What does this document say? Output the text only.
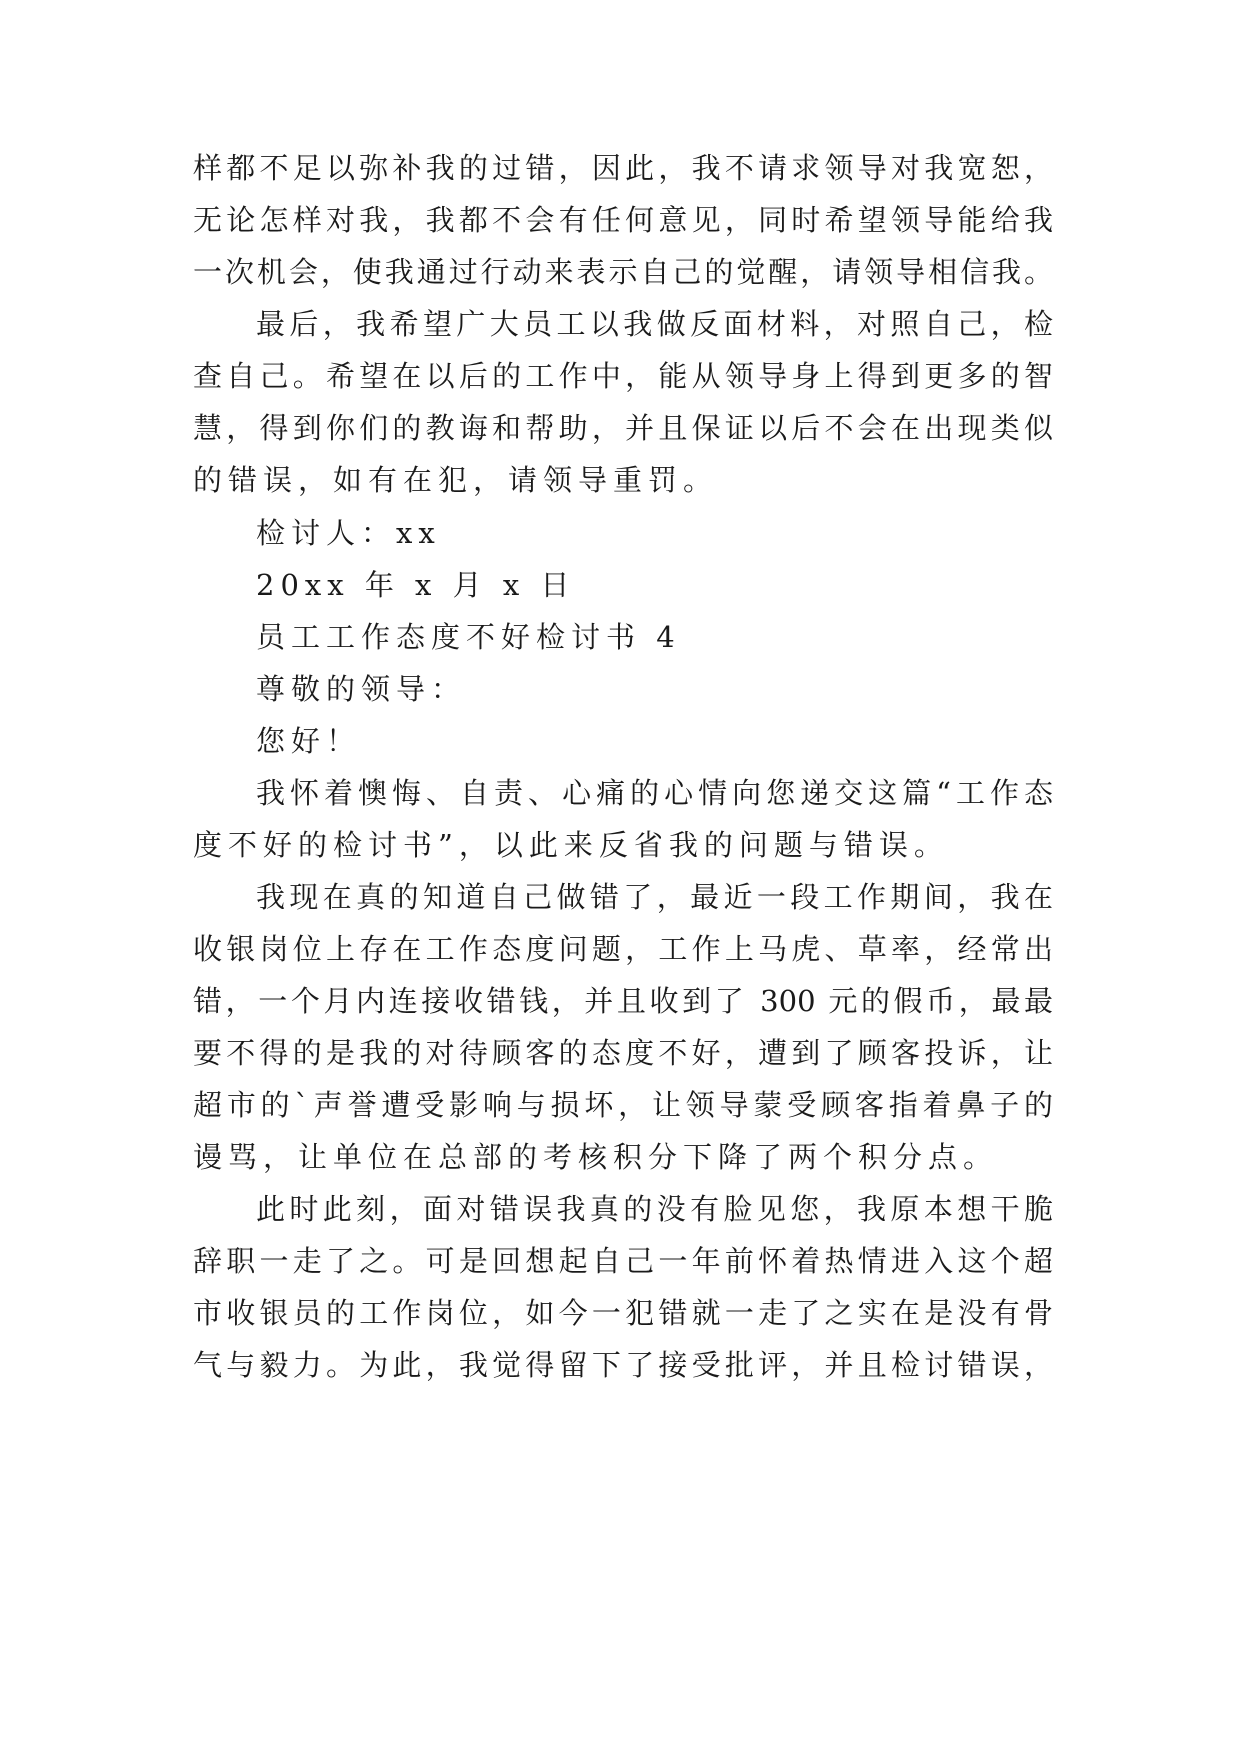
样都不足以弥补我的过错，因此，我不请求领导对我宽恕，
无论怎样对我，我都不会有任何意见，同时希望领导能给我
一次机会，使我通过行动来表示自己的觉醒，请领导相信我。
最后，我希望广大员工以我做反面材料，对照自己，检
查自己。希望在以后的工作中，能从领导身上得到更多的智
慧，得到你们的教诲和帮助，并且保证以后不会在出现类似
的错误，如有在犯，请领导重罚。
检讨人：xx
20xx 年 x 月 x 日
员工工作态度不好检讨书 4
尊敬的领导：
您好！
我怀着懊悔、自责、心痛的心情向您递交这篇“工作态
度不好的检讨书”，以此来反省我的问题与错误。
我现在真的知道自己做错了，最近一段工作期间，我在
收银岗位上存在工作态度问题，工作上马虎、草率，经常出
错，一个月内连接收错钱，并且收到了 300 元的假币，最最
要不得的是我的对待顾客的态度不好，遭到了顾客投诉，让
超市的`声誉遭受影响与损坏，让领导蒙受顾客指着鼻子的
谩骂，让单位在总部的考核积分下降了两个积分点。
此时此刻，面对错误我真的没有脸见您，我原本想干脆
辞职一走了之。可是回想起自己一年前怀着热情进入这个超
市收银员的工作岗位，如今一犯错就一走了之实在是没有骨
气与毅力。为此，我觉得留下了接受批评，并且检讨错误，
